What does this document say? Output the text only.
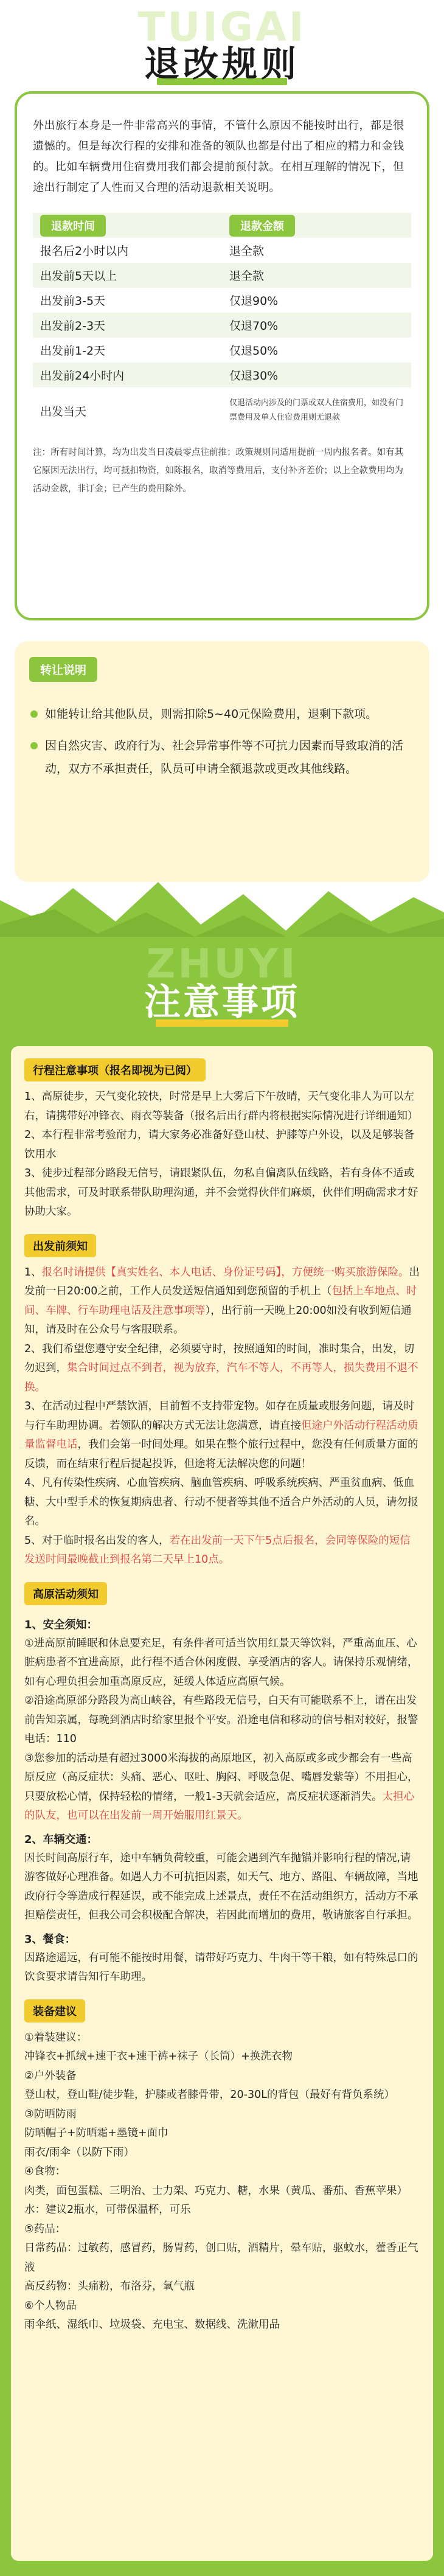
TUIGAI
退改规则

外出旅行本身是一件非常高兴的事情，不管什么原因不能按时出行，都是很遗憾的。但是每次行程的安排和准备的领队也都是付出了相应的精力和金钱的。比如车辆费用住宿费用我们都会提前预付款。在相互理解的情况下，但途出行制定了人性而又合理的活动退款相关说明。

退款时间	退款金额
报名后2小时以内	退全款
出发前5天以上	退全款
出发前3-5天	仅退90%
出发前2-3天	仅退70%
出发前1-2天	仅退50%
出发前24小时内	仅退30%
出发当天	仅退活动内涉及的门票或双人住宿费用，如没有门票费用及单人住宿费用则无退款

注：所有时间计算，均为出发当日凌晨零点往前推；政策规则同适用提前一周内报名者。如有其它原因无法出行，均可抵扣物资，如陈报名，取消等费用后，支付补齐差价；以上全款费用均为活动金款，非订金；已产生的费用除外。

转让说明
如能转让给其他队员，则需扣除5~40元保险费用，退剩下款项。
因自然灾害、政府行为、社会异常事件等不可抗力因素而导致取消的活动，双方不承担责任，队员可申请全额退款或更改其他线路。
ZHUYI
注意事项
行程注意事项（报名即视为已阅）

1、高原徒步，天气变化较快，时常是早上大雾后下午放晴，天气变化非人为可以左右，请携带好冲锋衣、雨衣等装备（报名后出行群内将根据实际情况进行详细通知）
2、本行程非常考验耐力，请大家务必准备好登山杖、护膝等户外设，以及足够装备饮用水
3、徒步过程部分路段无信号，请跟紧队伍，勿私自偏离队伍线路，若有身体不适或其他需求，可及时联系带队助理沟通，并不会觉得伙伴们麻烦，伙伴们明确需求才好协助大家。

出发前须知

1、报名时请提供【真实姓名、本人电话、身份证号码】，方便统一购买旅游保险。出发前一日20:00之前，工作人员发送短信通知到您预留的手机上（包括上车地点、时间、车牌、行车助理电话及注意事项等），出行前一天晚上20:00如没有收到短信通知，请及时在公众号与客服联系。

2、我们希望您遵守安全纪律，必须要守时，按照通知的时间，准时集合，出发，切勿迟到，集合时间过点不到者，视为放弃，汽车不等人，不再等人，损失费用不退不换。

3、在活动过程中严禁饮酒，目前暂不支持带宠物。如存在质量或服务问题，请及时与行车助理协调。若领队的解决方式无法让您满意，请直接但途户外活动行程活动质量监督电话，我们会第一时间处理。如果在整个旅行过程中，您没有任何质量方面的反馈，而在结束行程后提起投诉，但途将无法解决您的问题！

4、凡有传染性疾病、心血管疾病、脑血管疾病、呼吸系统疾病、严重贫血病、低血糖、大中型手术的恢复期病患者、行动不便者等其他不适合户外活动的人员，请勿报名。

5、对于临时报名出发的客人，若在出发前一天下午5点后报名，会同等保险的短信发送时间最晚截止到报名第二天早上10点。

高原活动须知

1、安全须知：

①进高原前睡眠和休息要充足，有条件者可适当饮用红景天等饮料，严重高血压、心脏病患者不宜进高原，此行程不适合休闲度假、享受酒店的客人。请保持乐观情绪，如有心理负担会加重高原反应，延缓人体适应高原气候。
②沿途高原部分路段为高山峡谷，有些路段无信号，白天有可能联系不上，请在出发前告知亲属，每晚到酒店时给家里报个平安。沿途电信和移动的信号相对较好，报警电话：110
③您参加的活动是有超过3000米海拔的高原地区，初入高原或多或少都会有一些高原反应（高反症状：头痛、恶心、呕吐、胸闷、呼吸急促、嘴唇发紫等）不用担心，只要放松心情，保持轻松的情绪，一般1-3天就会适应，高反症状逐渐消失。太担心的队友，也可以在出发前一周开始服用红景天。

2、车辆交通：

因长时间高原行车，途中车辆负荷较重，可能会遇到汽车抛锚并影响行程的情况,请游客做好心理准备。如遇人力不可抗拒因素，如天气、地方、路阻、车辆故障，当地政府行令等造成行程延误，或不能完成上述景点，责任不在活动组织方，活动方不承担赔偿责任，但我公司会积极配合解决，若因此而增加的费用，敬请旅客自行承担。

3、餐食：

因路途遥远，有可能不能按时用餐，请带好巧克力、牛肉干等干粮，如有特殊忌口的饮食要求请告知行车助理。

装备建议

①着装建议：
冲锋衣+抓绒+速干衣+速干裤+袜子（长筒）+换洗衣物
②户外装备
登山杖，登山鞋/徒步鞋，护膝或者膝骨带，20-30L的背包（最好有背负系统）
③防晒防雨
防晒帽子+防晒霜+墨镜+面巾
雨衣/雨伞（以防下雨）
④食物：
肉类，面包蛋糕、三明治、士力架、巧克力、糖，水果（黄瓜、番茄、香蕉苹果）
水：建议2瓶水，可带保温杯，可乐
⑤药品：
日常药品：过敏药，感冒药，肠胃药，创口贴，酒精片，晕车贴，驱蚊水，藿香正气液
高反药物：头痛粉，布洛芬，氧气瓶
⑥个人物品
雨伞纸、湿纸巾、垃圾袋、充电宝、数据线、洗漱用品
